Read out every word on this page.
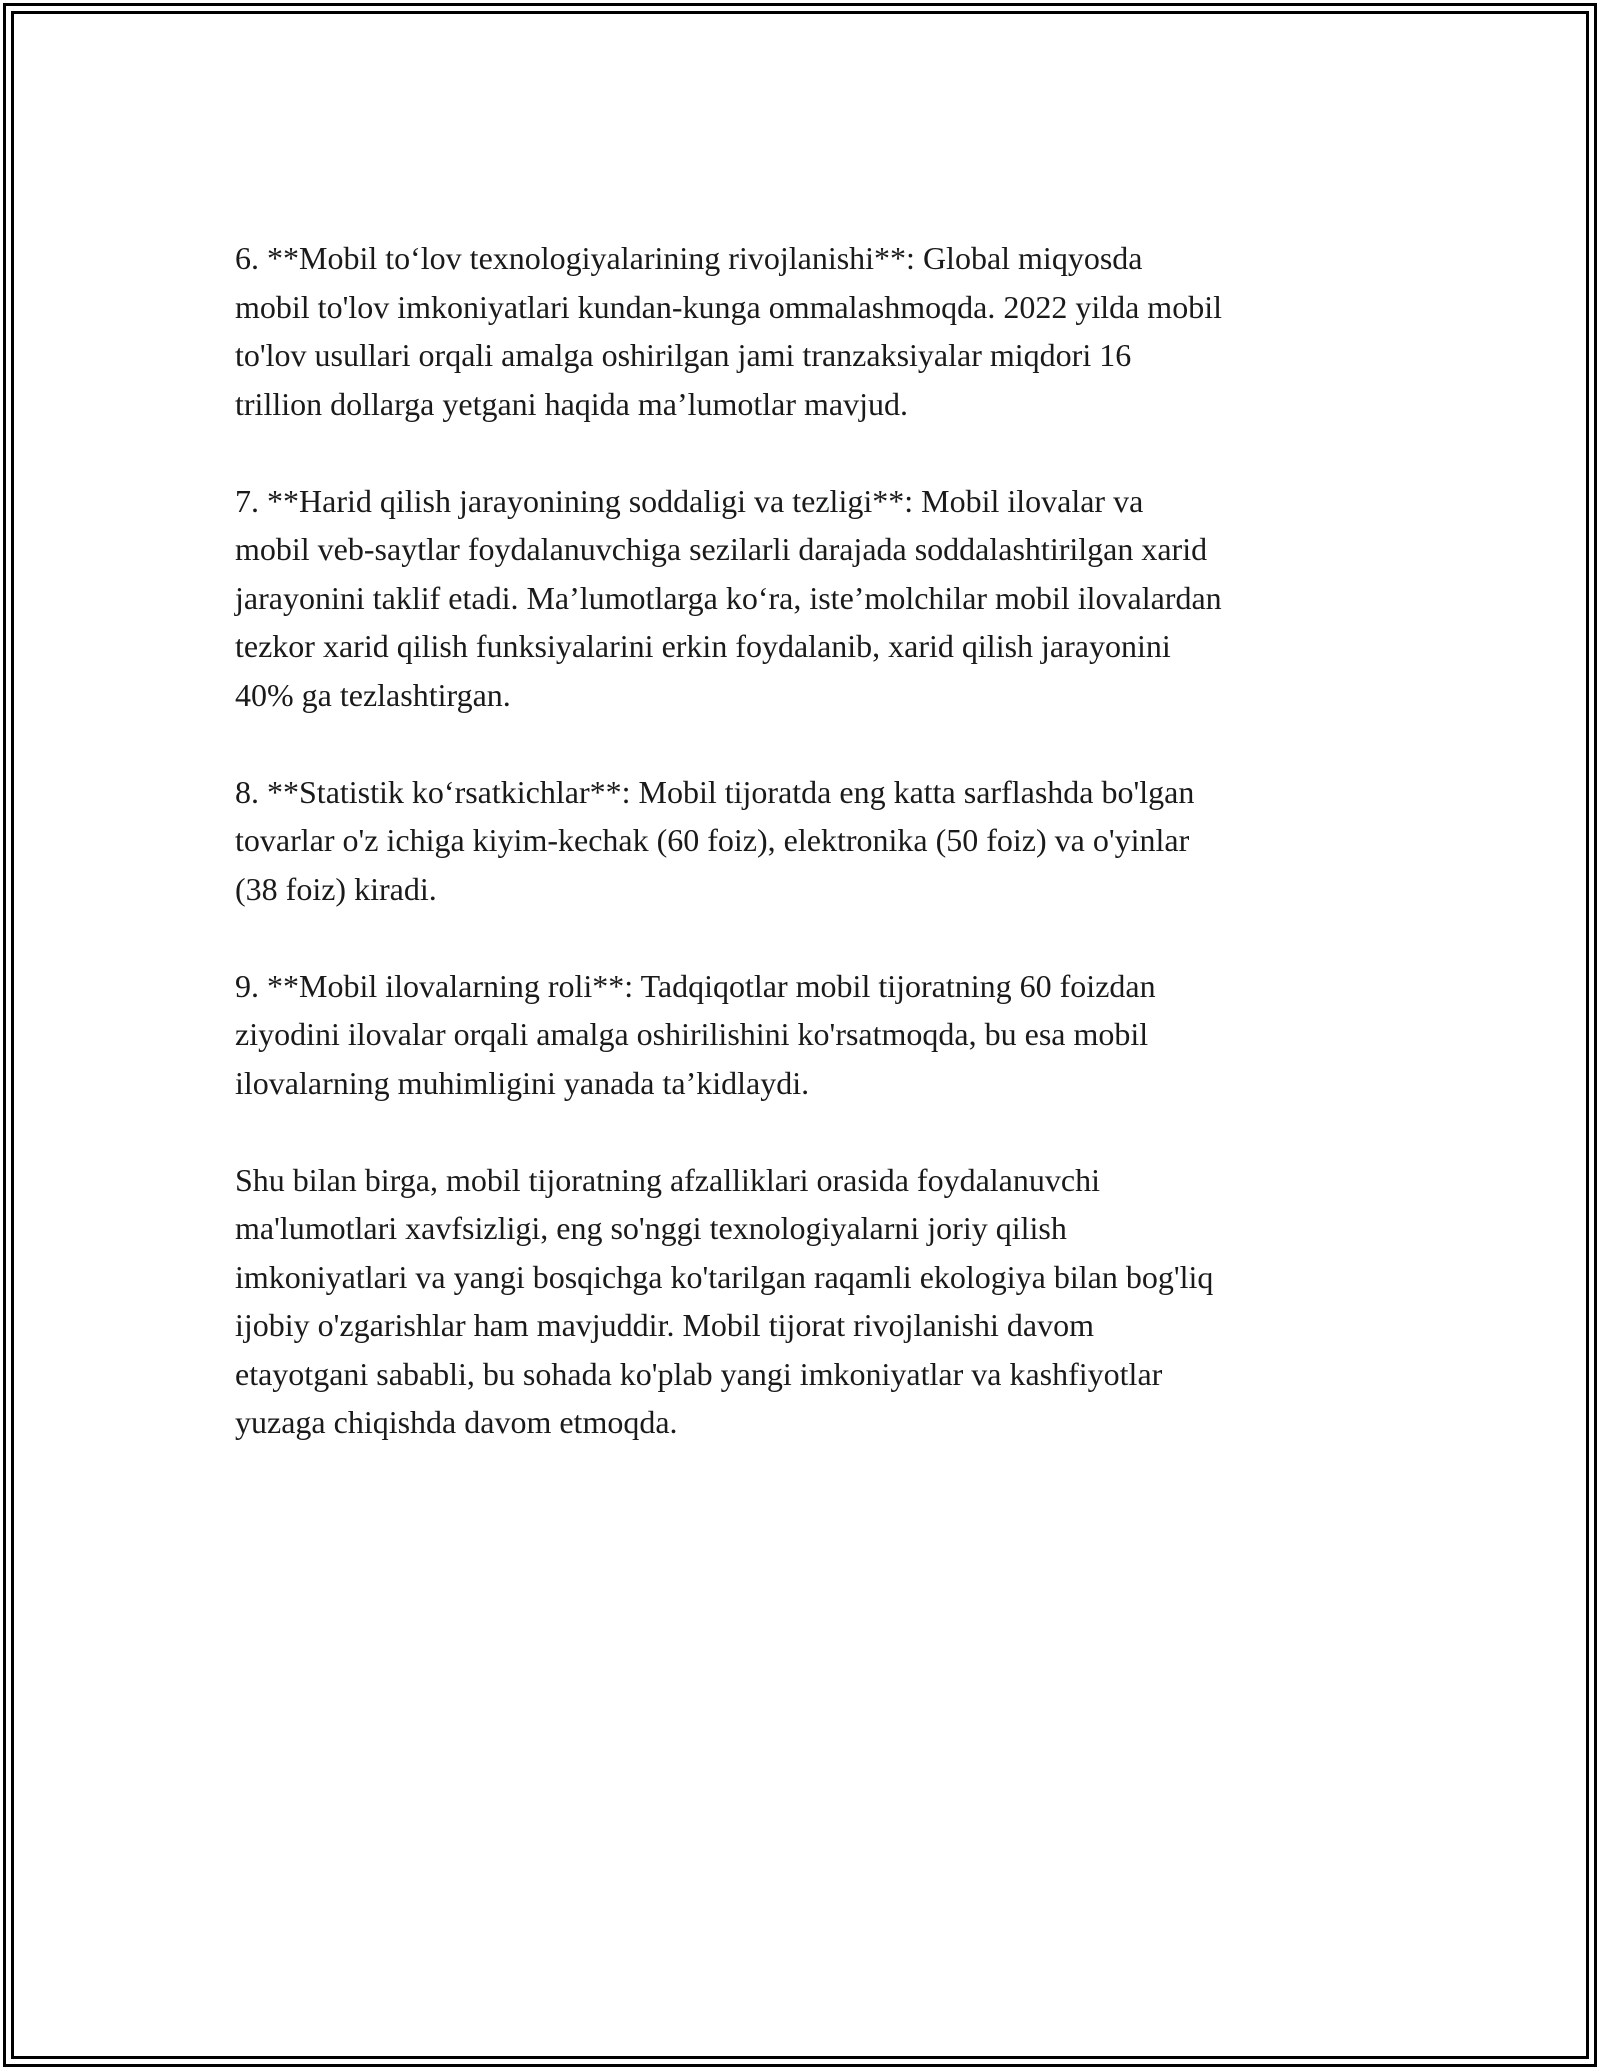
6. **Mobil to‘lov texnologiyalarining rivojlanishi**: Global miqyosda
mobil to'lov imkoniyatlari kundan-kunga ommalashmoqda. 2022 yilda mobil
to'lov usullari orqali amalga oshirilgan jami tranzaksiyalar miqdori 16
trillion dollarga yetgani haqida ma’lumotlar mavjud.

7. **Harid qilish jarayonining soddaligi va tezligi**: Mobil ilovalar va
mobil veb-saytlar foydalanuvchiga sezilarli darajada soddalashtirilgan xarid
jarayonini taklif etadi. Ma’lumotlarga ko‘ra, iste’molchilar mobil ilovalardan
tezkor xarid qilish funksiyalarini erkin foydalanib, xarid qilish jarayonini
40% ga tezlashtirgan.

8. **Statistik ko‘rsatkichlar**: Mobil tijoratda eng katta sarflashda bo'lgan
tovarlar o'z ichiga kiyim-kechak (60 foiz), elektronika (50 foiz) va o'yinlar
(38 foiz) kiradi.

9. **Mobil ilovalarning roli**: Tadqiqotlar mobil tijoratning 60 foizdan
ziyodini ilovalar orqali amalga oshirilishini ko'rsatmoqda, bu esa mobil
ilovalarning muhimligini yanada ta’kidlaydi.

Shu bilan birga, mobil tijoratning afzalliklari orasida foydalanuvchi
ma'lumotlari xavfsizligi, eng so'nggi texnologiyalarni joriy qilish
imkoniyatlari va yangi bosqichga ko'tarilgan raqamli ekologiya bilan bog'liq
ijobiy o'zgarishlar ham mavjuddir. Mobil tijorat rivojlanishi davom
etayotgani sababli, bu sohada ko'plab yangi imkoniyatlar va kashfiyotlar
yuzaga chiqishda davom etmoqda.
